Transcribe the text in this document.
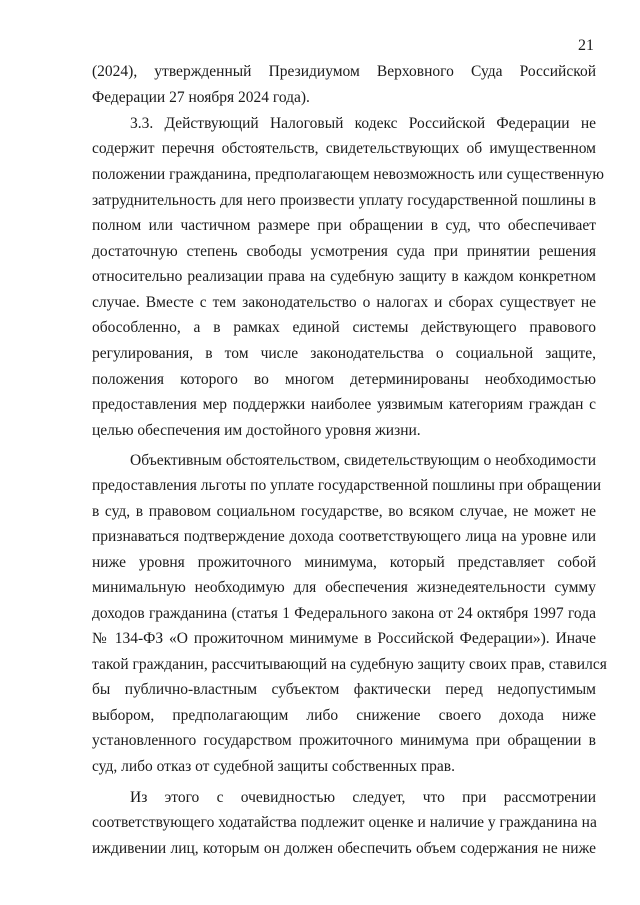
21
(2024), утвержденный Президиумом Верховного Суда Российской
Федерации 27 ноября 2024 года).
3.3. Действующий Налоговый кодекс Российской Федерации не
содержит перечня обстоятельств, свидетельствующих об имущественном
положении гражданина, предполагающем невозможность или существенную
затруднительность для него произвести уплату государственной пошлины в
полном или частичном размере при обращении в суд, что обеспечивает
достаточную степень свободы усмотрения суда при принятии решения
относительно реализации права на судебную защиту в каждом конкретном
случае. Вместе с тем законодательство о налогах и сборах существует не
обособленно, а в рамках единой системы действующего правового
регулирования, в том числе законодательства о социальной защите,
положения которого во многом детерминированы необходимостью
предоставления мер поддержки наиболее уязвимым категориям граждан с
целью обеспечения им достойного уровня жизни.
Объективным обстоятельством, свидетельствующим о необходимости
предоставления льготы по уплате государственной пошлины при обращении
в суд, в правовом социальном государстве, во всяком случае, не может не
признаваться подтверждение дохода соответствующего лица на уровне или
ниже уровня прожиточного минимума, который представляет собой
минимальную необходимую для обеспечения жизнедеятельности сумму
доходов гражданина (статья 1 Федерального закона от 24 октября 1997 года
№ 134-ФЗ «О прожиточном минимуме в Российской Федерации»). Иначе
такой гражданин, рассчитывающий на судебную защиту своих прав, ставился
бы публично-властным субъектом фактически перед недопустимым
выбором, предполагающим либо снижение своего дохода ниже
установленного государством прожиточного минимума при обращении в
суд, либо отказ от судебной защиты собственных прав.
Из этого с очевидностью следует, что при рассмотрении
соответствующего ходатайства подлежит оценке и наличие у гражданина на
иждивении лиц, которым он должен обеспечить объем содержания не ниже
